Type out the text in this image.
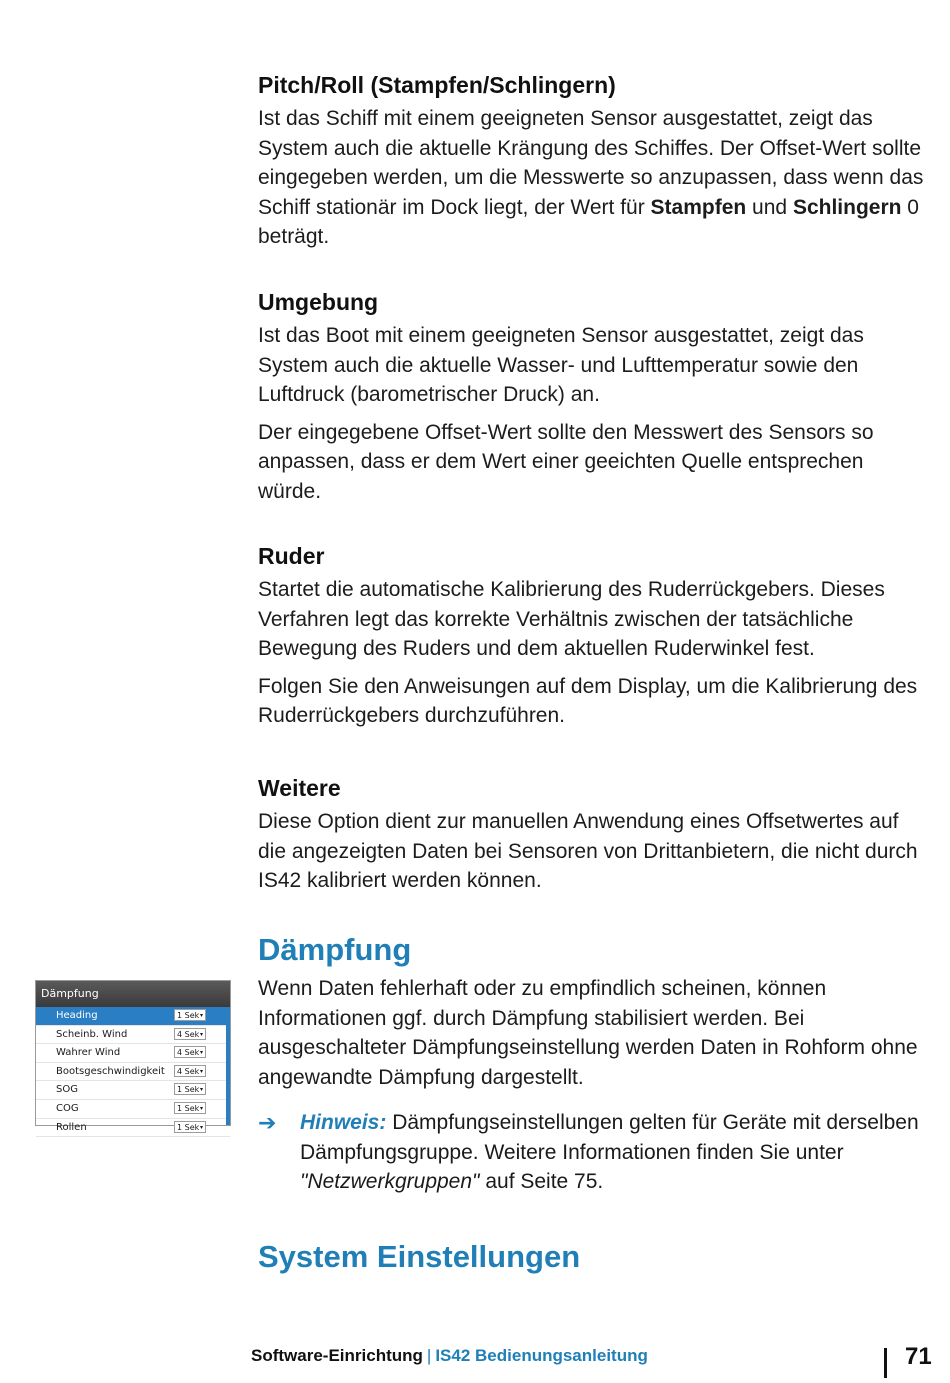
Pitch/Roll (Stampfen/Schlingern)

Ist das Schiff mit einem geeigneten Sensor ausgestattet, zeigt das System auch die aktuelle Krängung des Schiffes. Der Offset-Wert sollte eingegeben werden, um die Messwerte so anzupassen, dass wenn das Schiff stationär im Dock liegt, der Wert für Stampfen und Schlingern 0 beträgt.

Umgebung

Ist das Boot mit einem geeigneten Sensor ausgestattet, zeigt das System auch die aktuelle Wasser- und Lufttemperatur sowie den Luftdruck (barometrischer Druck) an.

Der eingegebene Offset-Wert sollte den Messwert des Sensors so anpassen, dass er dem Wert einer geeichten Quelle entsprechen würde.

Ruder

Startet die automatische Kalibrierung des Ruderrückgebers. Dieses Verfahren legt das korrekte Verhältnis zwischen der tatsächliche Bewegung des Ruders und dem aktuellen Ruderwinkel fest.

Folgen Sie den Anweisungen auf dem Display, um die Kalibrierung des Ruderrückgebers durchzuführen.

Weitere

Diese Option dient zur manuellen Anwendung eines Offsetwertes auf die angezeigten Daten bei Sensoren von Drittanbietern, die nicht durch IS42 kalibriert werden können.

Dämpfung

Wenn Daten fehlerhaft oder zu empfindlich scheinen, können Informationen ggf. durch Dämpfung stabilisiert werden. Bei ausgeschalteter Dämpfungseinstellung werden Daten in Rohform ohne angewandte Dämpfung dargestellt.

➔ Hinweis: Dämpfungseinstellungen gelten für Geräte mit derselben Dämpfungsgruppe. Weitere Informationen finden Sie unter "Netzwerkgruppen" auf Seite 75.
System Einstellungen
Dämpfung
Heading	1 Sek ▾
Scheinb. Wind	4 Sek ▾
Wahrer Wind	4 Sek ▾
Bootsgeschwindigkeit	4 Sek ▾
SOG	1 Sek ▾
COG	1 Sek ▾
Rollen	1 Sek ▾
Software-Einrichtung | IS42 Bedienungsanleitung	71
